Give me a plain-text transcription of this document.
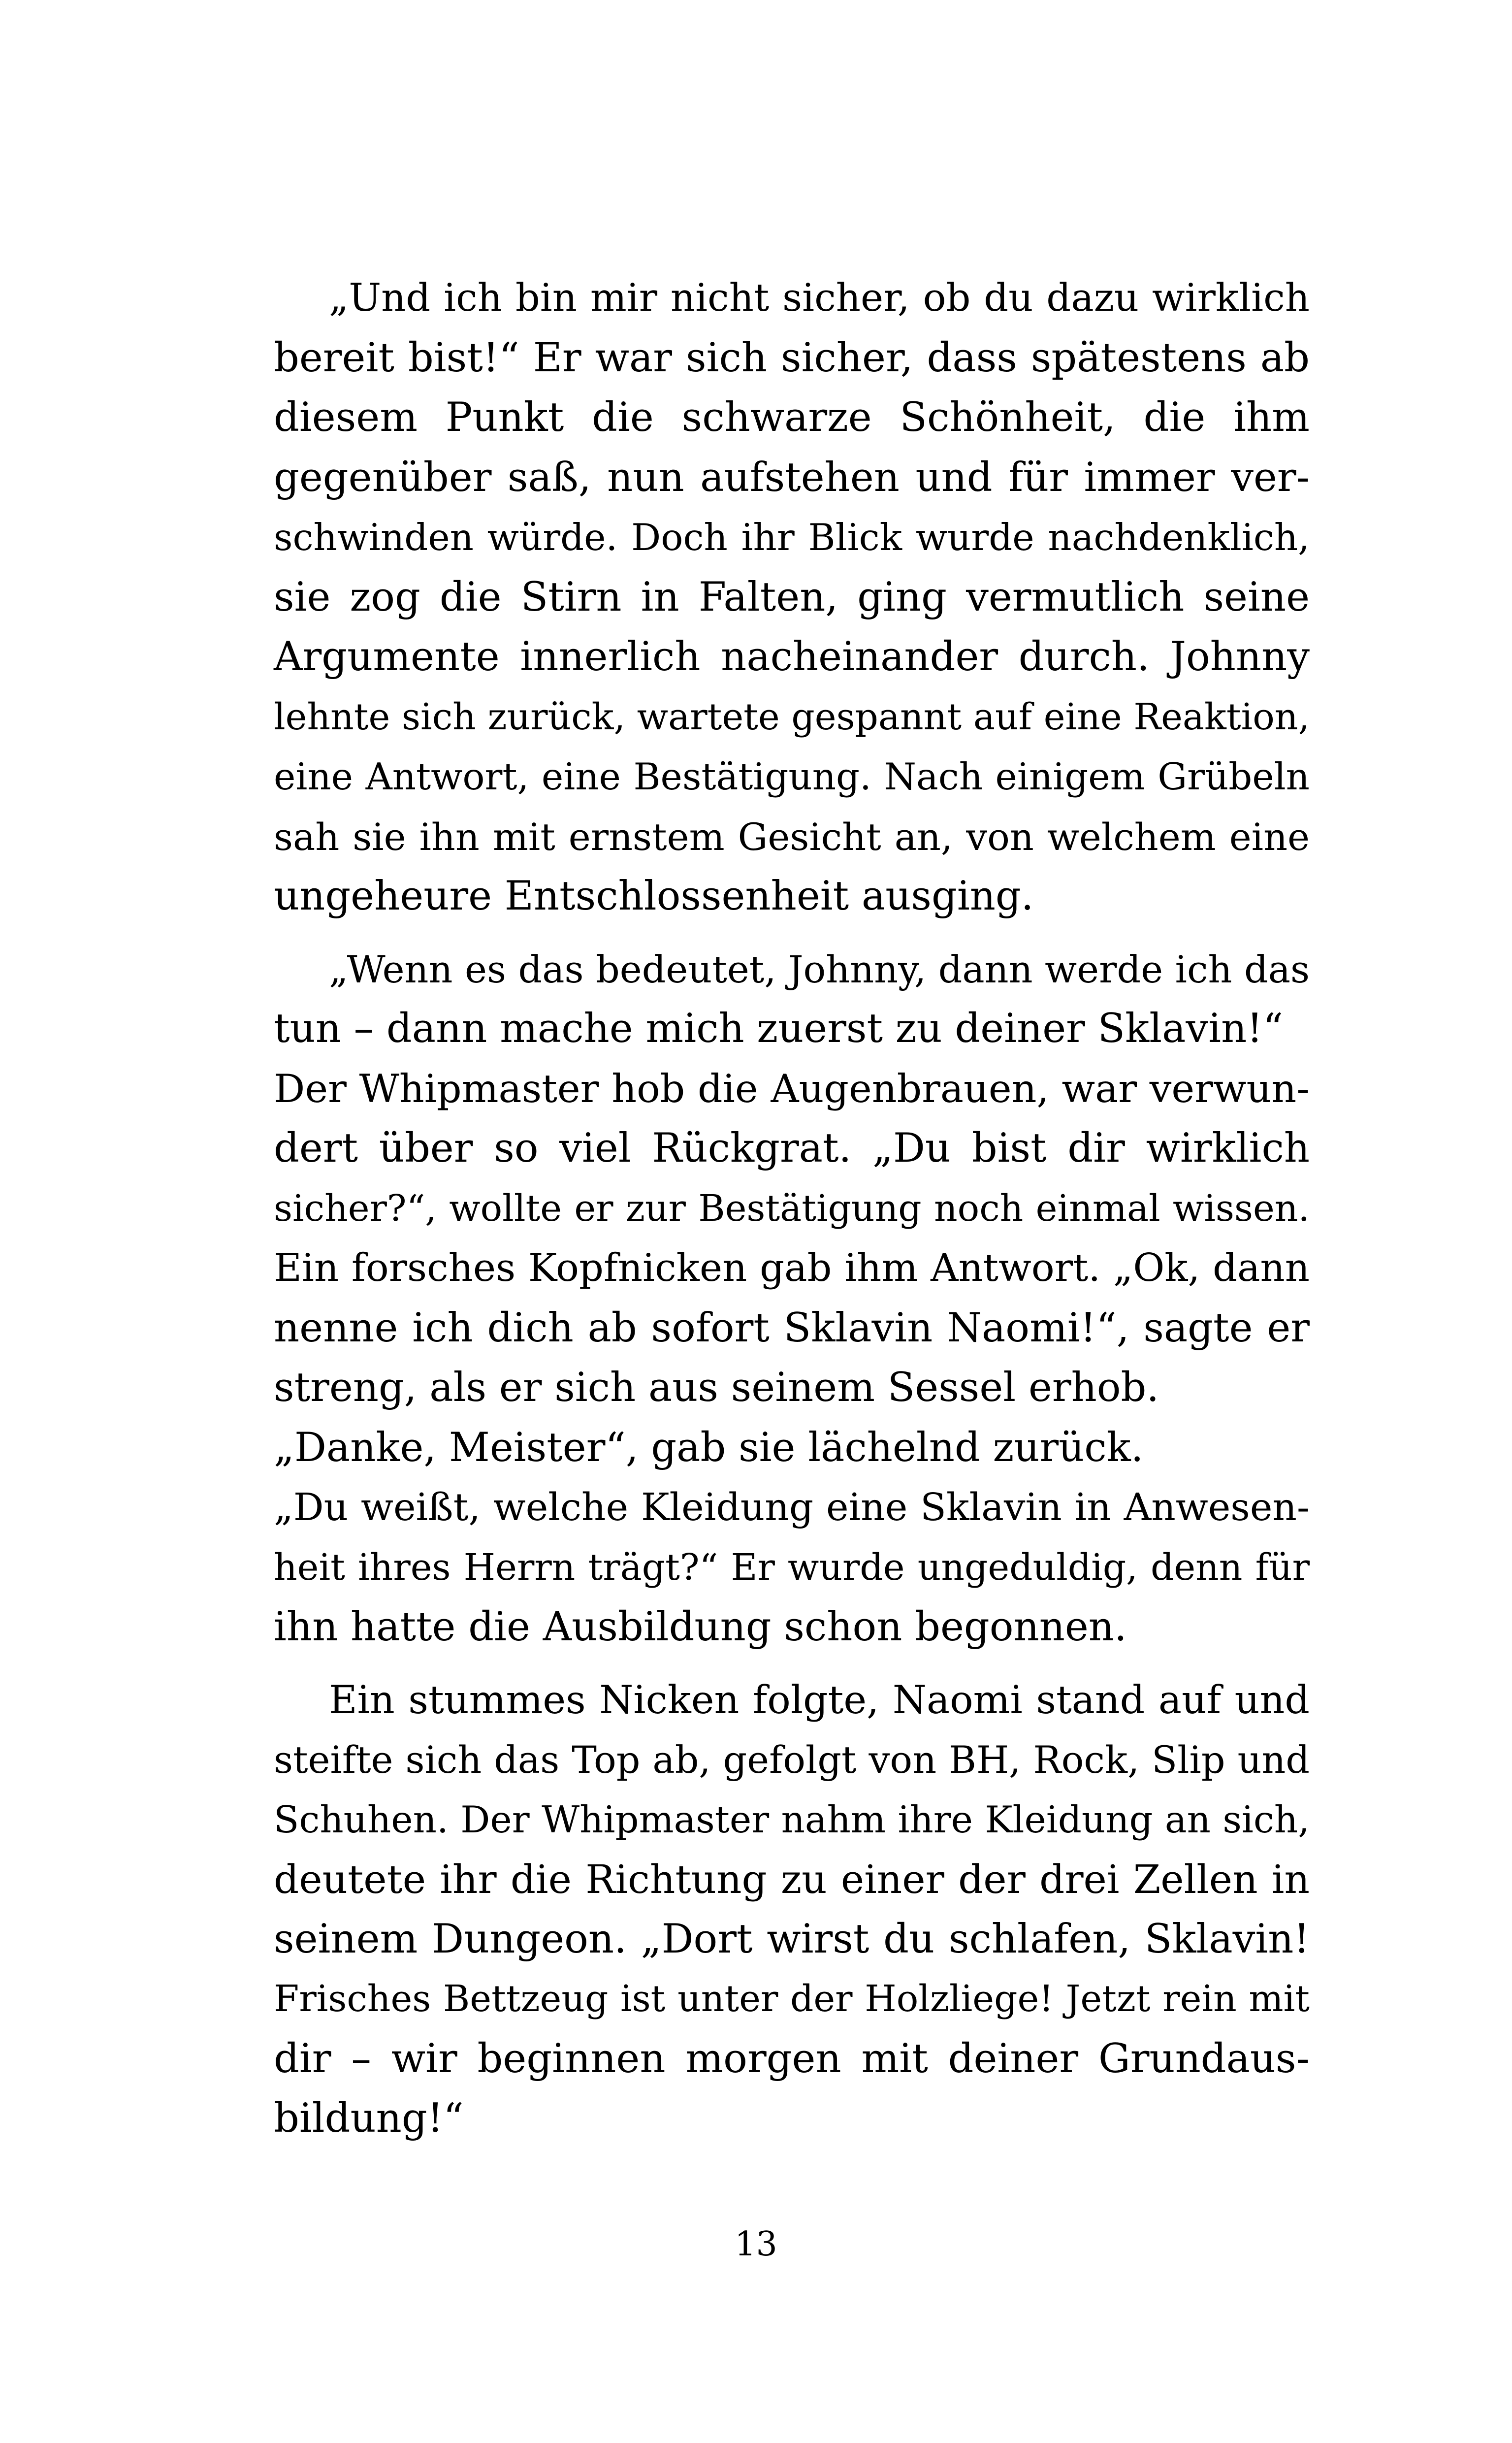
„Und ich bin mir nicht sicher, ob du dazu wirklich
bereit bist!“ Er war sich sicher, dass spätestens ab
diesem Punkt die schwarze Schönheit, die ihm
gegenüber saß, nun aufstehen und für immer ver-
schwinden würde. Doch ihr Blick wurde nachdenklich,
sie zog die Stirn in Falten, ging vermutlich seine
Argumente innerlich nacheinander durch. Johnny
lehnte sich zurück, wartete gespannt auf eine Reaktion,
eine Antwort, eine Bestätigung. Nach einigem Grübeln
sah sie ihn mit ernstem Gesicht an, von welchem eine
ungeheure Entschlossenheit ausging.
„Wenn es das bedeutet, Johnny, dann werde ich das
tun – dann mache mich zuerst zu deiner Sklavin!“
Der Whipmaster hob die Augenbrauen, war verwun-
dert über so viel Rückgrat. „Du bist dir wirklich
sicher?“, wollte er zur Bestätigung noch einmal wissen.
Ein forsches Kopfnicken gab ihm Antwort. „Ok, dann
nenne ich dich ab sofort Sklavin Naomi!“, sagte er
streng, als er sich aus seinem Sessel erhob.
„Danke, Meister“, gab sie lächelnd zurück.
„Du weißt, welche Kleidung eine Sklavin in Anwesen-
heit ihres Herrn trägt?“ Er wurde ungeduldig, denn für
ihn hatte die Ausbildung schon begonnen.
Ein stummes Nicken folgte, Naomi stand auf und
steifte sich das Top ab, gefolgt von BH, Rock, Slip und
Schuhen. Der Whipmaster nahm ihre Kleidung an sich,
deutete ihr die Richtung zu einer der drei Zellen in
seinem Dungeon. „Dort wirst du schlafen, Sklavin!
Frisches Bettzeug ist unter der Holzliege! Jetzt rein mit
dir – wir beginnen morgen mit deiner Grundaus-
bildung!“
13
